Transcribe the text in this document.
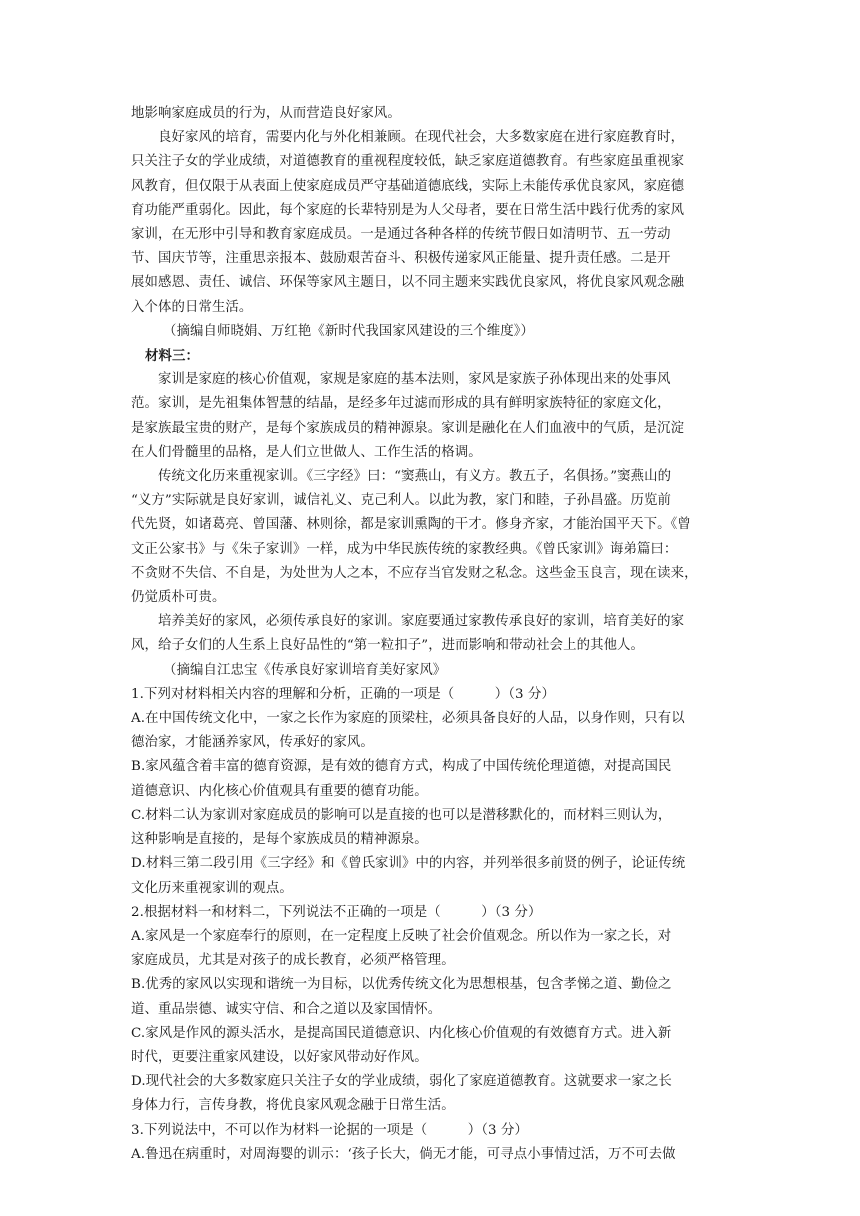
地影响家庭成员的行为，从而营造良好家风。
良好家风的培育，需要内化与外化相兼顾。在现代社会，大多数家庭在进行家庭教育时，
只关注子女的学业成绩，对道德教育的重视程度较低，缺乏家庭道德教育。有些家庭虽重视家
风教育，但仅限于从表面上使家庭成员严守基础道德底线，实际上未能传承优良家风，家庭德
育功能严重弱化。因此，每个家庭的长辈特别是为人父母者，要在日常生活中践行优秀的家风
家训，在无形中引导和教育家庭成员。一是通过各种各样的传统节假日如清明节、五一劳动
节、国庆节等，注重思亲报本、鼓励艰苦奋斗、积极传递家风正能量、提升责任感。二是开
展如感恩、责任、诚信、环保等家风主题日，以不同主题来实践优良家风，将优良家风观念融
入个体的日常生活。
（摘编自师晓娟、万红艳《新时代我国家风建设的三个维度》）
材料三：
家训是家庭的核心价值观，家规是家庭的基本法则，家风是家族子孙体现出来的处事风
范。家训，是先祖集体智慧的结晶，是经多年过滤而形成的具有鲜明家族特征的家庭文化，
是家族最宝贵的财产，是每个家族成员的精神源泉。家训是融化在人们血液中的气质，是沉淀
在人们骨髓里的品格，是人们立世做人、工作生活的格调。
传统文化历来重视家训。《三字经》曰：“窦燕山，有义方。教五子，名俱扬。”窦燕山的
“义方”实际就是良好家训，诚信礼义、克己利人。以此为教，家门和睦，子孙昌盛。历览前
代先贤，如诸葛亮、曾国藩、林则徐，都是家训熏陶的干才。修身齐家，才能治国平天下。《曾
文正公家书》与《朱子家训》一样，成为中华民族传统的家教经典。《曾氏家训》诲弟篇曰：
不贪财不失信、不自是，为处世为人之本，不应存当官发财之私念。这些金玉良言，现在读来，
仍觉质朴可贵。
培养美好的家风，必须传承良好的家训。家庭要通过家教传承良好的家训，培育美好的家
风，给子女们的人生系上良好品性的“第一粒扣子”，进而影响和带动社会上的其他人。
（摘编自江忠宝《传承良好家训培育美好家风》
1.下列对材料相关内容的理解和分析，正确的一项是（　　　）（3 分）
A.在中国传统文化中，一家之长作为家庭的顶梁柱，必须具备良好的人品，以身作则，只有以
德治家，才能涵养家风，传承好的家风。
B.家风蕴含着丰富的德育资源，是有效的德育方式，构成了中国传统伦理道德，对提高国民
道德意识、内化核心价值观具有重要的德育功能。
C.材料二认为家训对家庭成员的影响可以是直接的也可以是潜移默化的，而材料三则认为，
这种影响是直接的，是每个家族成员的精神源泉。
D.材料三第二段引用《三字经》和《曾氏家训》中的内容，并列举很多前贤的例子，论证传统
文化历来重视家训的观点。
2.根据材料一和材料二，下列说法不正确的一项是（　　　）（3 分）
A.家风是一个家庭奉行的原则，在一定程度上反映了社会价值观念。所以作为一家之长，对
家庭成员，尤其是对孩子的成长教育，必须严格管理。
B.优秀的家风以实现和谐统一为目标，以优秀传统文化为思想根基，包含孝悌之道、勤俭之
道、重品崇德、诚实守信、和合之道以及家国情怀。
C.家风是作风的源头活水，是提高国民道德意识、内化核心价值观的有效德育方式。进入新
时代，更要注重家风建设，以好家风带动好作风。
D.现代社会的大多数家庭只关注子女的学业成绩，弱化了家庭道德教育。这就要求一家之长
身体力行，言传身教，将优良家风观念融于日常生活。
3.下列说法中，不可以作为材料一论据的一项是（　　　）（3 分）
A.鲁迅在病重时，对周海婴的训示：‘孩子长大，倘无才能，可寻点小事情过活，万不可去做
